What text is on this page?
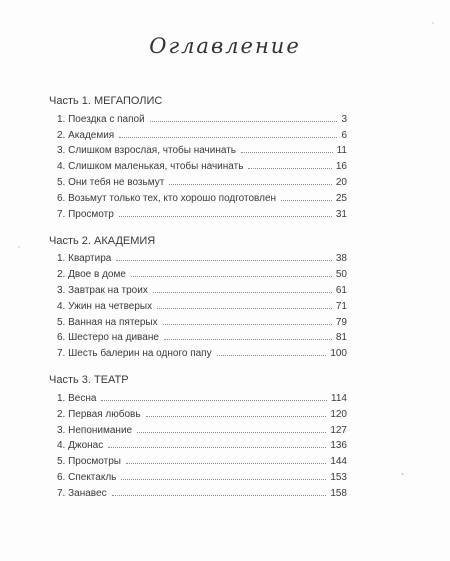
Оглавление
Часть 1. МЕГАПОЛИС
1. Поездка с папой	3
2. Академия	6
3. Слишком взрослая, чтобы начинать	11
4. Слишком маленькая, чтобы начинать	16
5. Они тебя не возьмут	20
6. Возьмут только тех, кто хорошо подготовлен	25
7. Просмотр	31
Часть 2. АКАДЕМИЯ
1. Квартира	38
2. Двое в доме	50
3. Завтрак на троих	61
4. Ужин на четверых	71
5. Ванная на пятерых	79
6. Шестеро на диване	81
7. Шесть балерин на одного папу	100
Часть 3. ТЕАТР
1. Весна	114
2. Первая любовь	120
3. Непонимание	127
4. Джонас	136
5. Просмотры	144
6. Спектакль	153
7. Занавес	158
